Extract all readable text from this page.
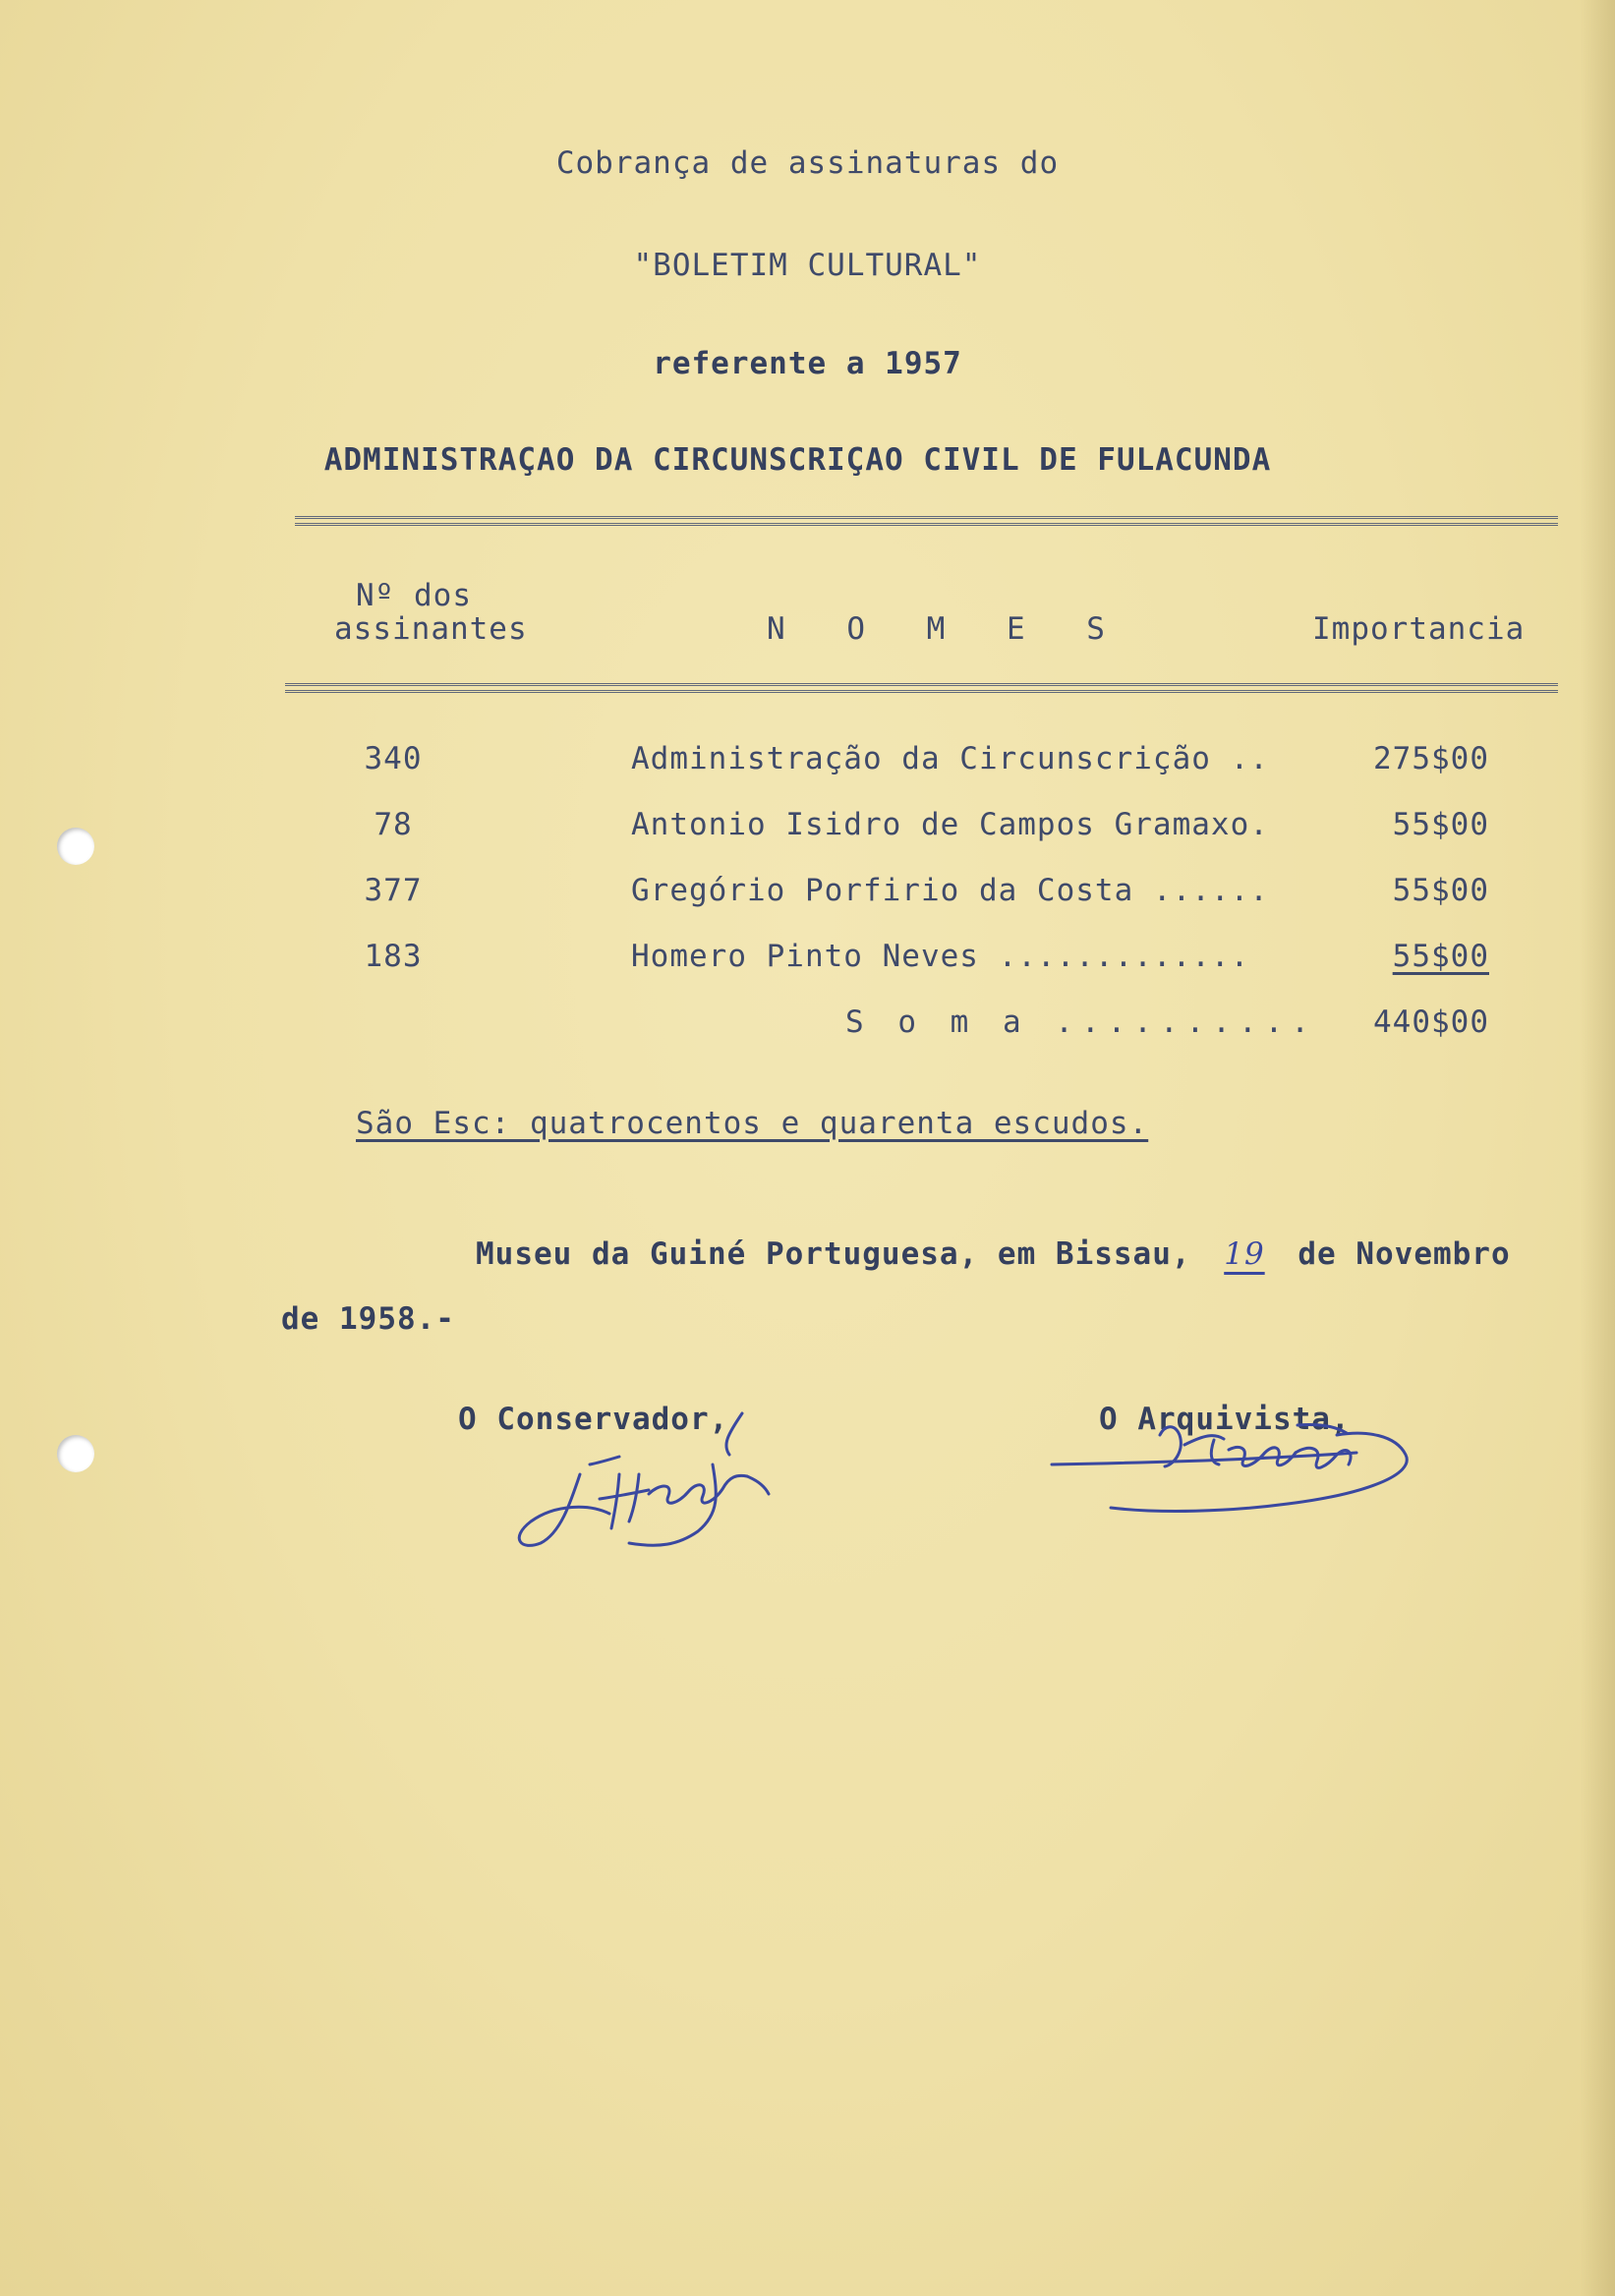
Cobrança de assinaturas do
"BOLETIM CULTURAL"
referente a 1957
ADMINISTRAÇAO DA CIRCUNSCRIÇAO CIVIL DE FULACUNDA
Nº dos
assinantes	N O M E S	Importancia
340	Administração da Circunscrição ..	275$00
78	Antonio Isidro de Campos Gramaxo.	55$00
377	Gregório Porfirio da Costa ......	55$00
183	Homero Pinto Neves .............	55$00
S o m a ..........	440$00
São Esc: quatrocentos e quarenta escudos.
Museu da Guiné Portuguesa, em Bissau, 19 de Novembro
de 1958.-
O Conservador,	O Arquivista,
